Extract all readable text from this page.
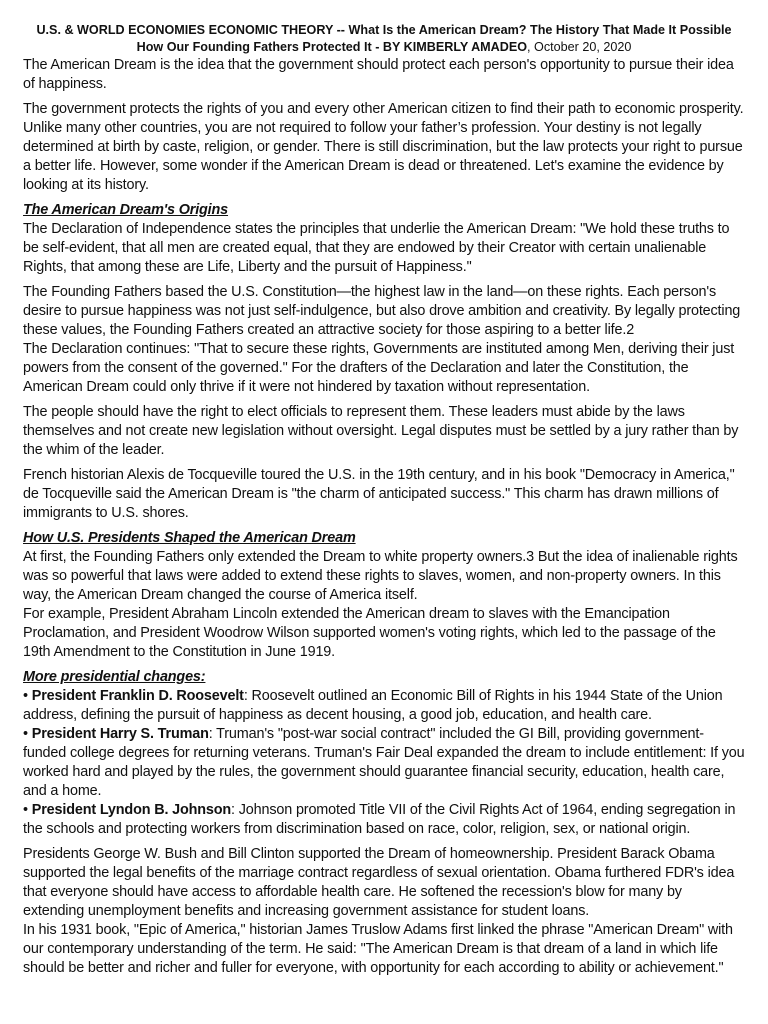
U.S. & WORLD ECONOMIES ECONOMIC THEORY -- What Is the American Dream? The History That Made It Possible
How Our Founding Fathers Protected It - BY KIMBERLY AMADEO, October 20, 2020

The American Dream is the idea that the government should protect each person's opportunity to pursue their idea of happiness.

The government protects the rights of you and every other American citizen to find their path to economic prosperity. Unlike many other countries, you are not required to follow your father’s profession. Your destiny is not legally determined at birth by caste, religion, or gender. There is still discrimination, but the law protects your right to pursue a better life. However, some wonder if the American Dream is dead or threatened. Let's examine the evidence by looking at its history.

The American Dream's Origins

The Declaration of Independence states the principles that underlie the American Dream: "We hold these truths to be self-evident, that all men are created equal, that they are endowed by their Creator with certain unalienable Rights, that among these are Life, Liberty and the pursuit of Happiness."

The Founding Fathers based the U.S. Constitution—the highest law in the land—on these rights. Each person's desire to pursue happiness was not just self-indulgence, but also drove ambition and creativity. By legally protecting these values, the Founding Fathers created an attractive society for those aspiring to a better life.2

The Declaration continues: "That to secure these rights, Governments are instituted among Men, deriving their just powers from the consent of the governed." For the drafters of the Declaration and later the Constitution, the American Dream could only thrive if it were not hindered by taxation without representation.

The people should have the right to elect officials to represent them. These leaders must abide by the laws themselves and not create new legislation without oversight. Legal disputes must be settled by a jury rather than by the whim of the leader.

French historian Alexis de Tocqueville toured the U.S. in the 19th century, and in his book "Democracy in America," de Tocqueville said the American Dream is "the charm of anticipated success." This charm has drawn millions of immigrants to U.S. shores.

How U.S. Presidents Shaped the American Dream

At first, the Founding Fathers only extended the Dream to white property owners.3 But the idea of inalienable rights was so powerful that laws were added to extend these rights to slaves, women, and non-property owners. In this way, the American Dream changed the course of America itself.

For example, President Abraham Lincoln extended the American dream to slaves with the Emancipation Proclamation, and President Woodrow Wilson supported women's voting rights, which led to the passage of the 19th Amendment to the Constitution in June 1919.

More presidential changes:

• President Franklin D. Roosevelt: Roosevelt outlined an Economic Bill of Rights in his 1944 State of the Union address, defining the pursuit of happiness as decent housing, a good job, education, and health care.

• President Harry S. Truman: Truman's "post-war social contract" included the GI Bill, providing government-funded college degrees for returning veterans. Truman's Fair Deal expanded the dream to include entitlement: If you worked hard and played by the rules, the government should guarantee financial security, education, health care, and a home.

• President Lyndon B. Johnson: Johnson promoted Title VII of the Civil Rights Act of 1964, ending segregation in the schools and protecting workers from discrimination based on race, color, religion, sex, or national origin.

Presidents George W. Bush and Bill Clinton supported the Dream of homeownership. President Barack Obama supported the legal benefits of the marriage contract regardless of sexual orientation. Obama furthered FDR's idea that everyone should have access to affordable health care. He softened the recession's blow for many by extending unemployment benefits and increasing government assistance for student loans.

In his 1931 book, "Epic of America," historian James Truslow Adams first linked the phrase "American Dream" with our contemporary understanding of the term. He said: "The American Dream is that dream of a land in which life should be better and richer and fuller for everyone, with opportunity for each according to ability or achievement."
